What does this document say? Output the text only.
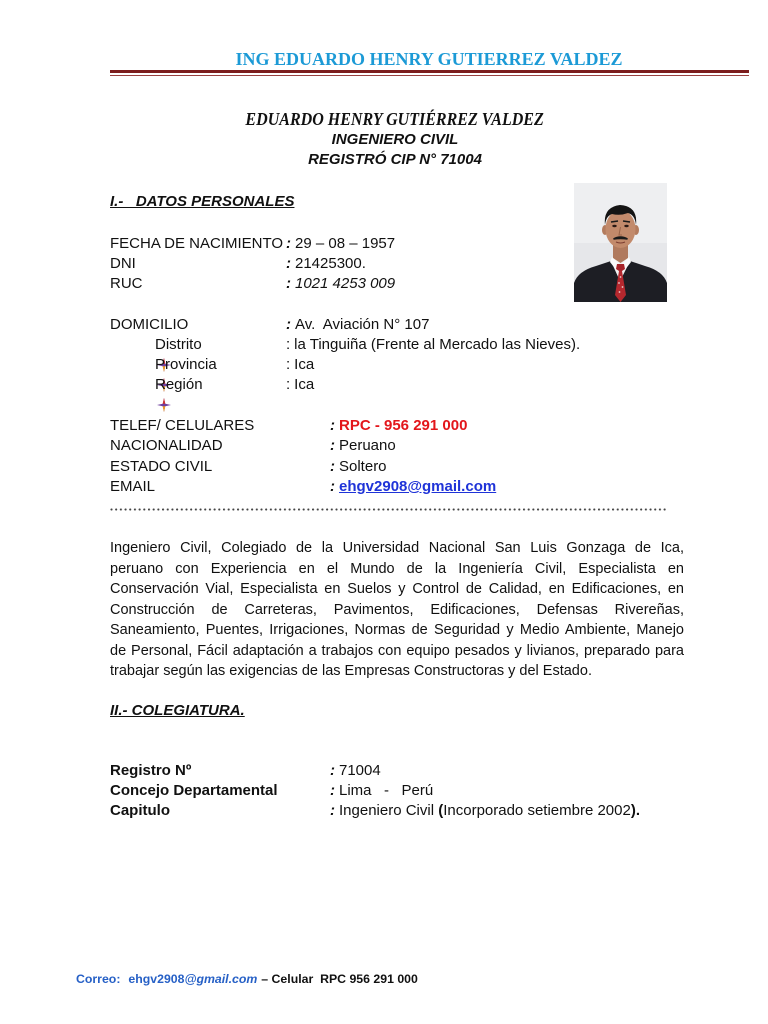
ING EDUARDO HENRY GUTIERREZ VALDEZ
EDUARDO HENRY GUTIÉRREZ VALDEZ
INGENIERO CIVIL
REGISTRÓ CIP N° 71004
I.-   DATOS PERSONALES

FECHA DE NACIMIENTO

: 29 – 08 – 1957

DNI

	: 21425300.

RUC

	: 1021 4253 009

DOMICILIO

	: Av.  Aviación N° 107

Distrito

	: la Tinguiña (Frente al Mercado las Nieves).

Provincia

	: Ica

Región

	: Ica

TELEF/ CELULARES

	: RPC - 956 291 000

NACIONALIDAD

	: Peruano

ESTADO CIVIL

	: Soltero

EMAIL

	: ehgv2908@gmail.com

Ingeniero Civil, Colegiado de la Universidad Nacional San Luis Gonzaga de Ica,
peruano con Experiencia en el Mundo de la Ingeniería Civil, Especialista en
Conservación Vial, Especialista en Suelos y Control de Calidad, en Edificaciones, en
Construcción de Carreteras, Pavimentos, Edificaciones, Defensas Rivereñas,
Saneamiento, Puentes, Irrigaciones, Normas de Seguridad y Medio Ambiente, Manejo
de Personal, Fácil adaptación a trabajos con equipo pesados y livianos, preparado para
trabajar según las exigencias de las Empresas Constructoras y del Estado.
II.- COLEGIATURA.

Registro Nº

	: 71004

Concejo Departamental

	: Lima   -   Perú

Capitulo

	: Ingeniero Civil (Incorporado setiembre 2002).

Correo: ehgv2908@gmail.com – Celular  RPC 956 291 000
